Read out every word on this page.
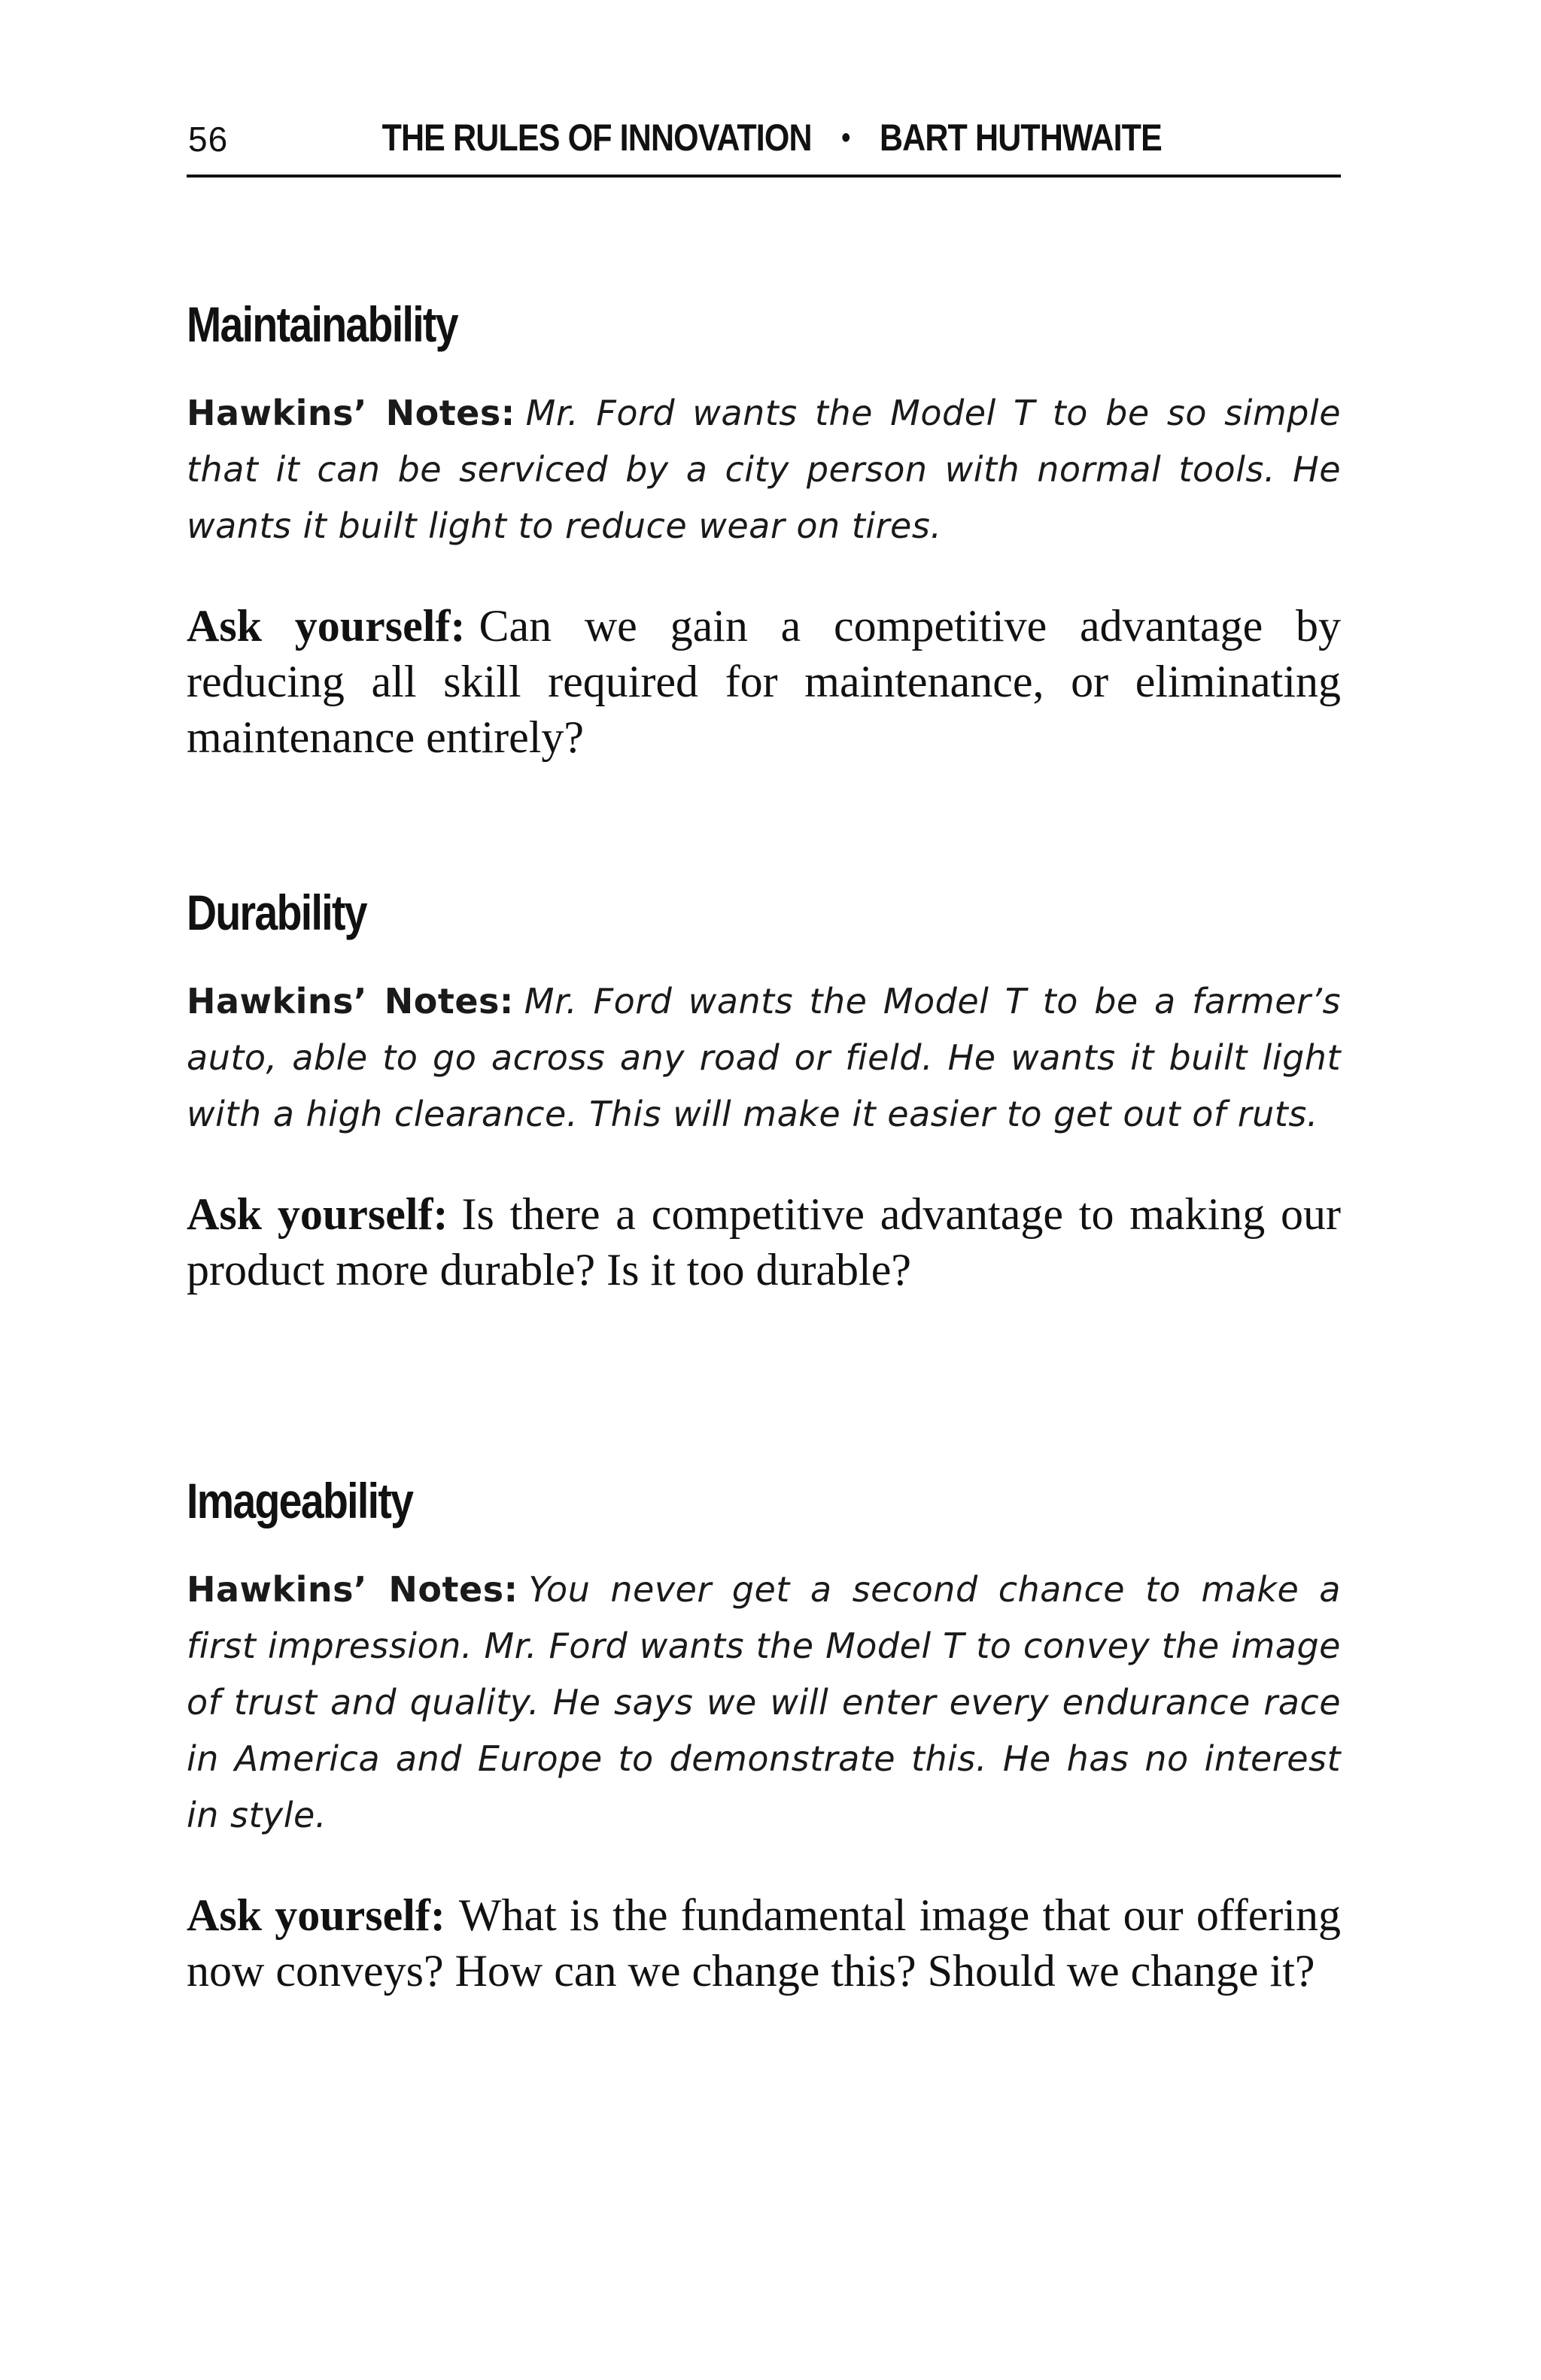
56	THE RULES OF INNOVATION • BART HUTHWAITE
Maintainability

Hawkins’ Notes: Mr. Ford wants the Model T to be so simple that it can be serviced by a city person with normal tools. He wants it built light to reduce wear on tires.

Ask yourself: Can we gain a competitive advantage by reducing all skill required for maintenance, or eliminating maintenance entirely?

Durability

Hawkins’ Notes: Mr. Ford wants the Model T to be a farmer’s auto, able to go across any road or field. He wants it built light with a high clearance. This will make it easier to get out of ruts.

Ask yourself: Is there a competitive advantage to making our product more durable? Is it too durable?

Imageability

Hawkins’ Notes: You never get a second chance to make a first impression. Mr. Ford wants the Model T to convey the image of trust and quality. He says we will enter every endurance race in America and Europe to demonstrate this. He has no interest in style.

Ask yourself: What is the fundamental image that our offering now conveys? How can we change this? Should we change it?
